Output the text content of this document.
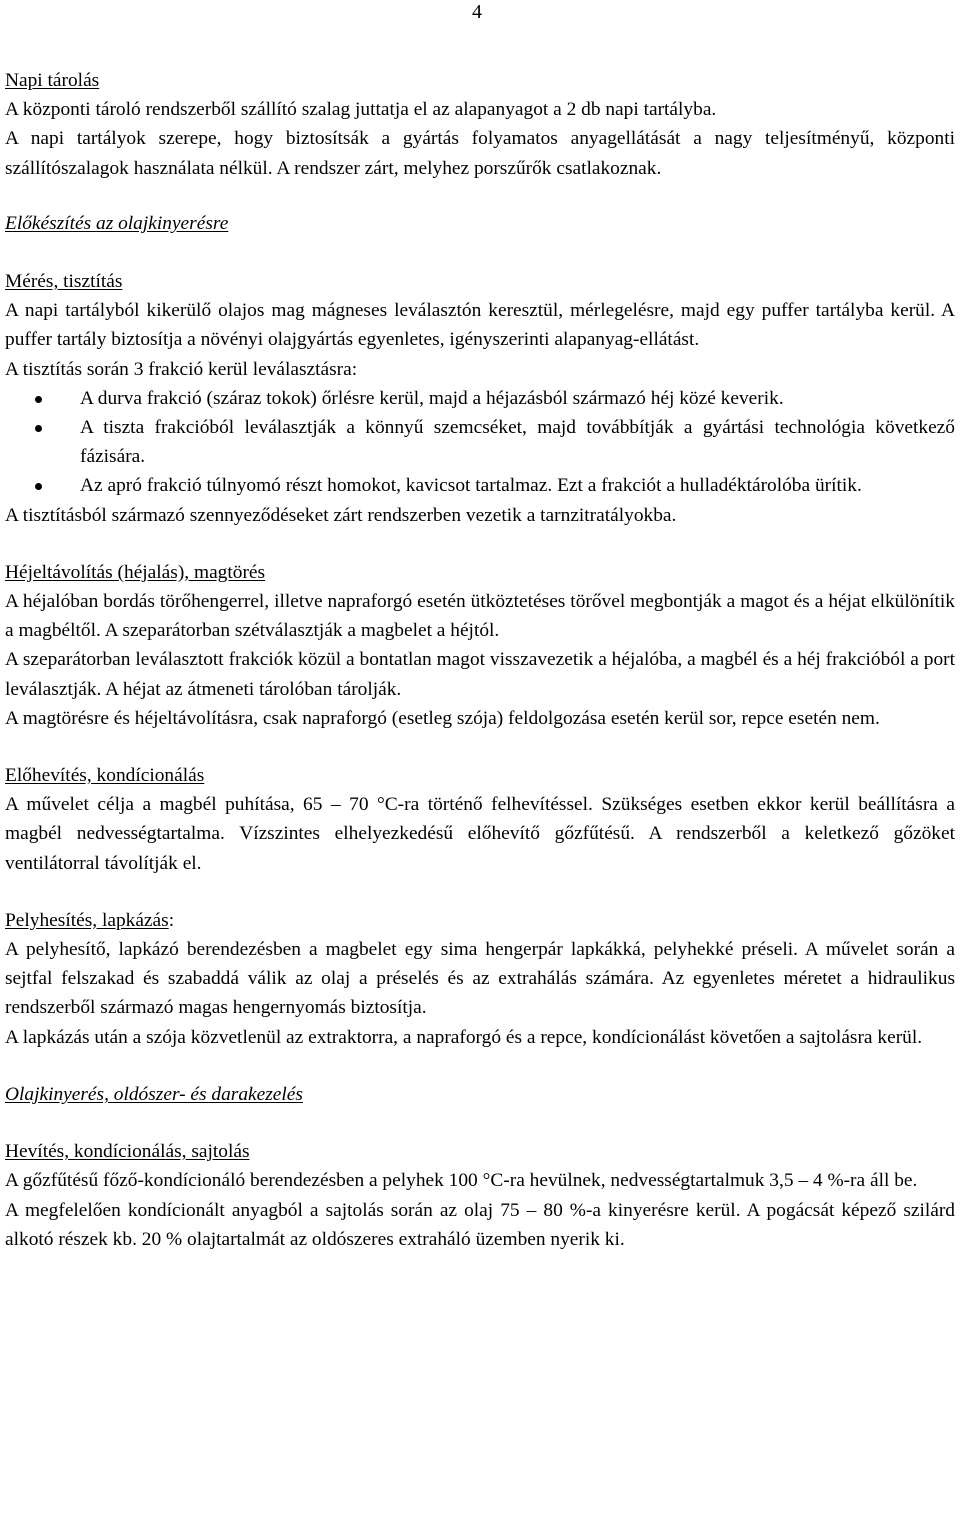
4

Napi tárolás

A központi tároló rendszerből szállító szalag juttatja el az alapanyagot a 2 db napi tartályba.

A napi tartályok szerepe, hogy biztosítsák a gyártás folyamatos anyagellátását a nagy teljesítményű, központi szállítószalagok használata nélkül. A rendszer zárt, melyhez porszűrők csatlakoznak.

Előkészítés az olajkinyerésre

Mérés, tisztítás

A napi tartályból kikerülő olajos mag mágneses leválasztón keresztül, mérlegelésre, majd egy puffer tartályba kerül. A puffer tartály biztosítja a növényi olajgyártás egyenletes, igényszerinti alapanyag-ellátást.

A tisztítás során 3 frakció kerül leválasztásra:

A durva frakció (száraz tokok) őrlésre kerül, majd a héjazásból származó héj közé keverik.
A tiszta frakcióból leválasztják a könnyű szemcséket, majd továbbítják a gyártási technológia következő fázisára.
Az apró frakció túlnyomó részt homokot, kavicsot tartalmaz. Ezt a frakciót a hulladéktárolóba ürítik.

A tisztításból származó szennyeződéseket zárt rendszerben vezetik a tarnzitratályokba.

Héjeltávolítás (héjalás), magtörés

A héjalóban bordás törőhengerrel, illetve napraforgó esetén ütköztetéses törővel megbontják a magot és a héjat elkülönítik a magbéltől. A szeparátorban szétválasztják a magbelet a héjtól.

A szeparátorban leválasztott frakciók közül a bontatlan magot visszavezetik a héjalóba, a magbél és a héj frakcióból a port leválasztják. A héjat az átmeneti tárolóban tárolják.

A magtörésre és héjeltávolításra, csak napraforgó (esetleg szója) feldolgozása esetén kerül sor, repce esetén nem.

Előhevítés, kondícionálás

A művelet célja a magbél puhítása, 65 – 70 °C-ra történő felhevítéssel. Szükséges esetben ekkor kerül beállításra a magbél nedvességtartalma. Vízszintes elhelyezkedésű előhevítő gőzfűtésű. A rendszerből a keletkező gőzöket ventilátorral távolítják el.

Pelyhesítés, lapkázás:

A pelyhesítő, lapkázó berendezésben a magbelet egy sima hengerpár lapkákká, pelyhekké préseli. A művelet során a sejtfal felszakad és szabaddá válik az olaj a préselés és az extrahálás számára. Az egyenletes méretet a hidraulikus rendszerből származó magas hengernyomás biztosítja.

A lapkázás után a szója közvetlenül az extraktorra, a napraforgó és a repce, kondícionálást követően a sajtolásra kerül.

Olajkinyerés, oldószer- és darakezelés

Hevítés, kondícionálás, sajtolás

A gőzfűtésű főző-kondícionáló berendezésben a pelyhek 100 °C-ra hevülnek, nedvességtartalmuk 3,5 – 4 %-ra áll be.

A megfelelően kondícionált anyagból a sajtolás során az olaj 75 – 80 %-a kinyerésre kerül. A pogácsát képező szilárd alkotó részek kb. 20 % olajtartalmát az oldószeres extraháló üzemben nyerik ki.
